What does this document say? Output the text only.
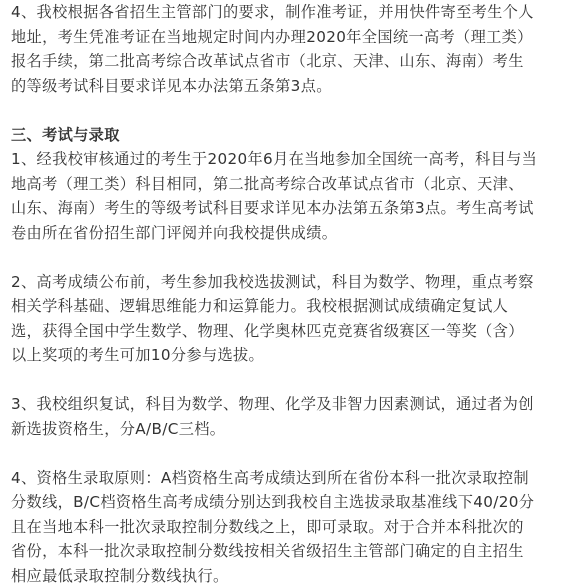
4、我校根据各省招生主管部门的要求，制作准考证，并用快件寄至考生个人
地址，考生凭准考证在当地规定时间内办理2020年全国统一高考（理工类）
报名手续，第二批高考综合改革试点省市（北京、天津、山东、海南）考生
的等级考试科目要求详见本办法第五条第3点。
三、考试与录取
1、经我校审核通过的考生于2020年6月在当地参加全国统一高考，科目与当
地高考（理工类）科目相同，第二批高考综合改革试点省市（北京、天津、
山东、海南）考生的等级考试科目要求详见本办法第五条第3点。考生高考试
卷由所在省份招生部门评阅并向我校提供成绩。
2、高考成绩公布前，考生参加我校选拔测试，科目为数学、物理，重点考察
相关学科基础、逻辑思维能力和运算能力。我校根据测试成绩确定复试人
选，获得全国中学生数学、物理、化学奥林匹克竞赛省级赛区一等奖（含）
以上奖项的考生可加10分参与选拔。
3、我校组织复试，科目为数学、物理、化学及非智力因素测试，通过者为创
新选拔资格生，分A/B/C三档。
4、资格生录取原则：A档资格生高考成绩达到所在省份本科一批次录取控制
分数线，B/C档资格生高考成绩分别达到我校自主选拔录取基准线下40/20分
且在当地本科一批次录取控制分数线之上，即可录取。对于合并本科批次的
省份，本科一批次录取控制分数线按相关省级招生主管部门确定的自主招生
相应最低录取控制分数线执行。
